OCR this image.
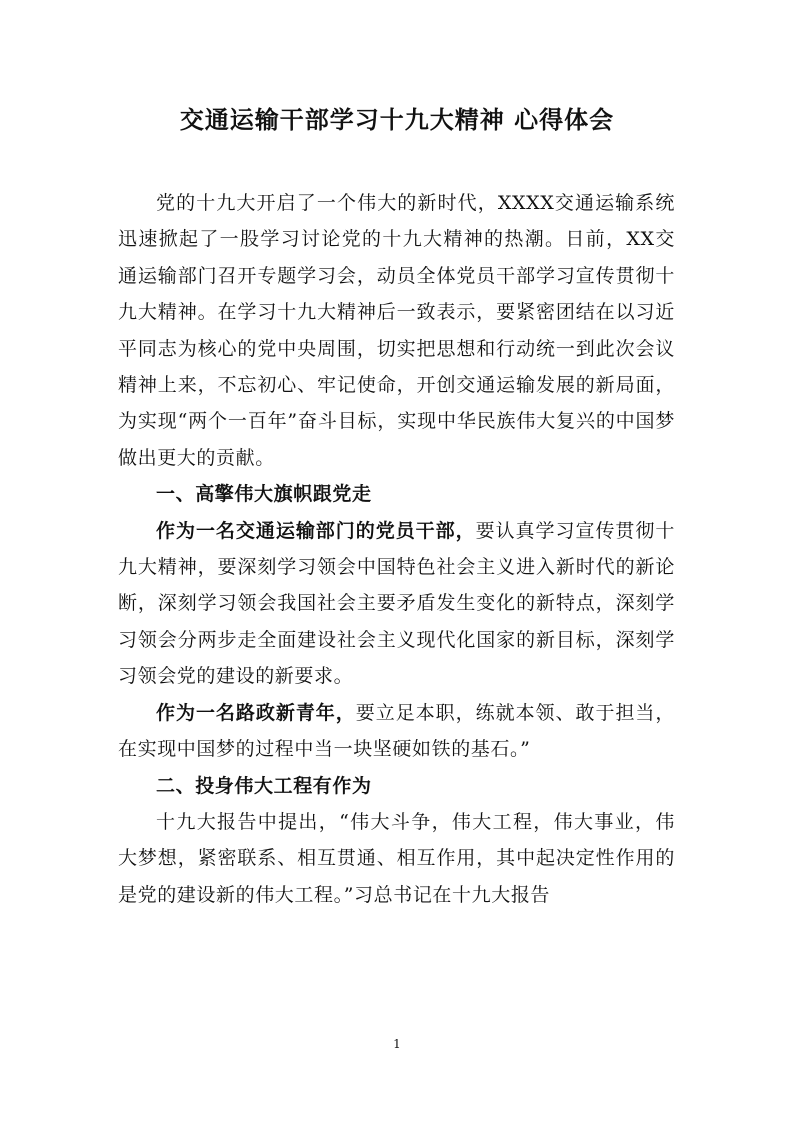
交通运输干部学习十九大精神 心得体会

党的十九大开启了一个伟大的新时代，XXXX交通运输系统迅速掀起了一股学习讨论党的十九大精神的热潮。日前，XX交通运输部门召开专题学习会，动员全体党员干部学习宣传贯彻十九大精神。在学习十九大精神后一致表示，要紧密团结在以习近平同志为核心的党中央周围，切实把思想和行动统一到此次会议精神上来，不忘初心、牢记使命，开创交通运输发展的新局面，为实现“两个一百年”奋斗目标，实现中华民族伟大复兴的中国梦做出更大的贡献。

一、高擎伟大旗帜跟党走

作为一名交通运输部门的党员干部，要认真学习宣传贯彻十九大精神，要深刻学习领会中国特色社会主义进入新时代的新论断，深刻学习领会我国社会主要矛盾发生变化的新特点，深刻学习领会分两步走全面建设社会主义现代化国家的新目标，深刻学习领会党的建设的新要求。

作为一名路政新青年，要立足本职，练就本领、敢于担当，在实现中国梦的过程中当一块坚硬如铁的基石。”

二、投身伟大工程有作为

十九大报告中提出，“伟大斗争，伟大工程，伟大事业，伟大梦想，紧密联系、相互贯通、相互作用，其中起决定性作用的是党的建设新的伟大工程。”习总书记在十九大报告

1
